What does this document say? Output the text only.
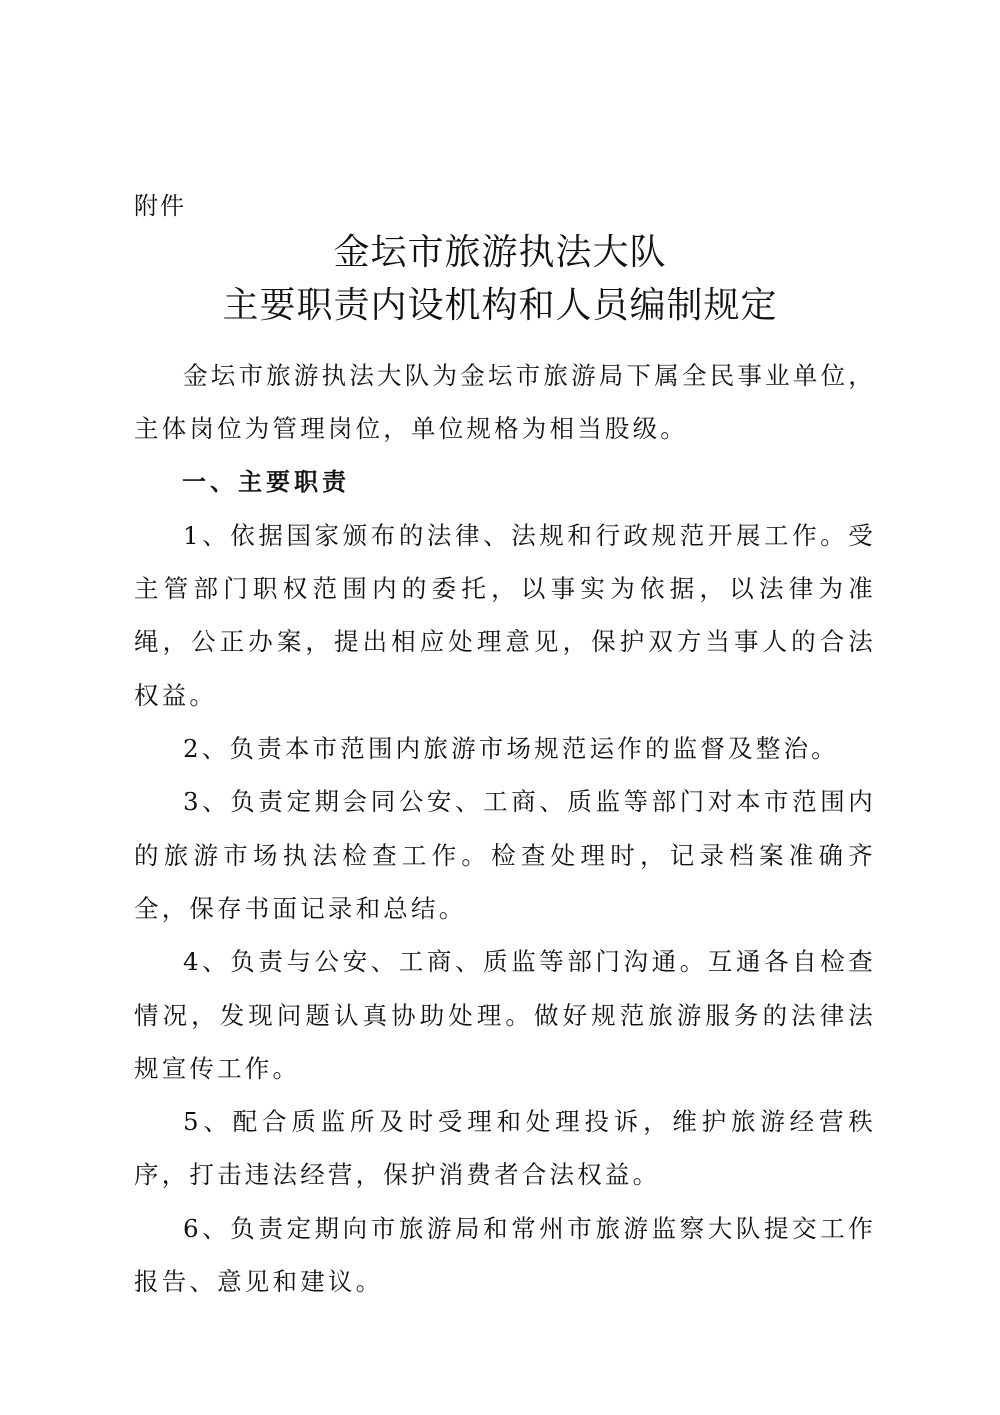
附件
金坛市旅游执法大队
主要职责内设机构和人员编制规定

金坛市旅游执法大队为金坛市旅游局下属全民事业单位，主体岗位为管理岗位，单位规格为相当股级。

一、主要职责

1、依据国家颁布的法律、法规和行政规范开展工作。受主管部门职权范围内的委托，以事实为依据，以法律为准绳，公正办案，提出相应处理意见，保护双方当事人的合法权益。

2、负责本市范围内旅游市场规范运作的监督及整治。

3、负责定期会同公安、工商、质监等部门对本市范围内的旅游市场执法检查工作。检查处理时，记录档案准确齐全，保存书面记录和总结。

4、负责与公安、工商、质监等部门沟通。互通各自检查情况，发现问题认真协助处理。做好规范旅游服务的法律法规宣传工作。

5、配合质监所及时受理和处理投诉，维护旅游经营秩序，打击违法经营，保护消费者合法权益。

6、负责定期向市旅游局和常州市旅游监察大队提交工作报告、意见和建议。
